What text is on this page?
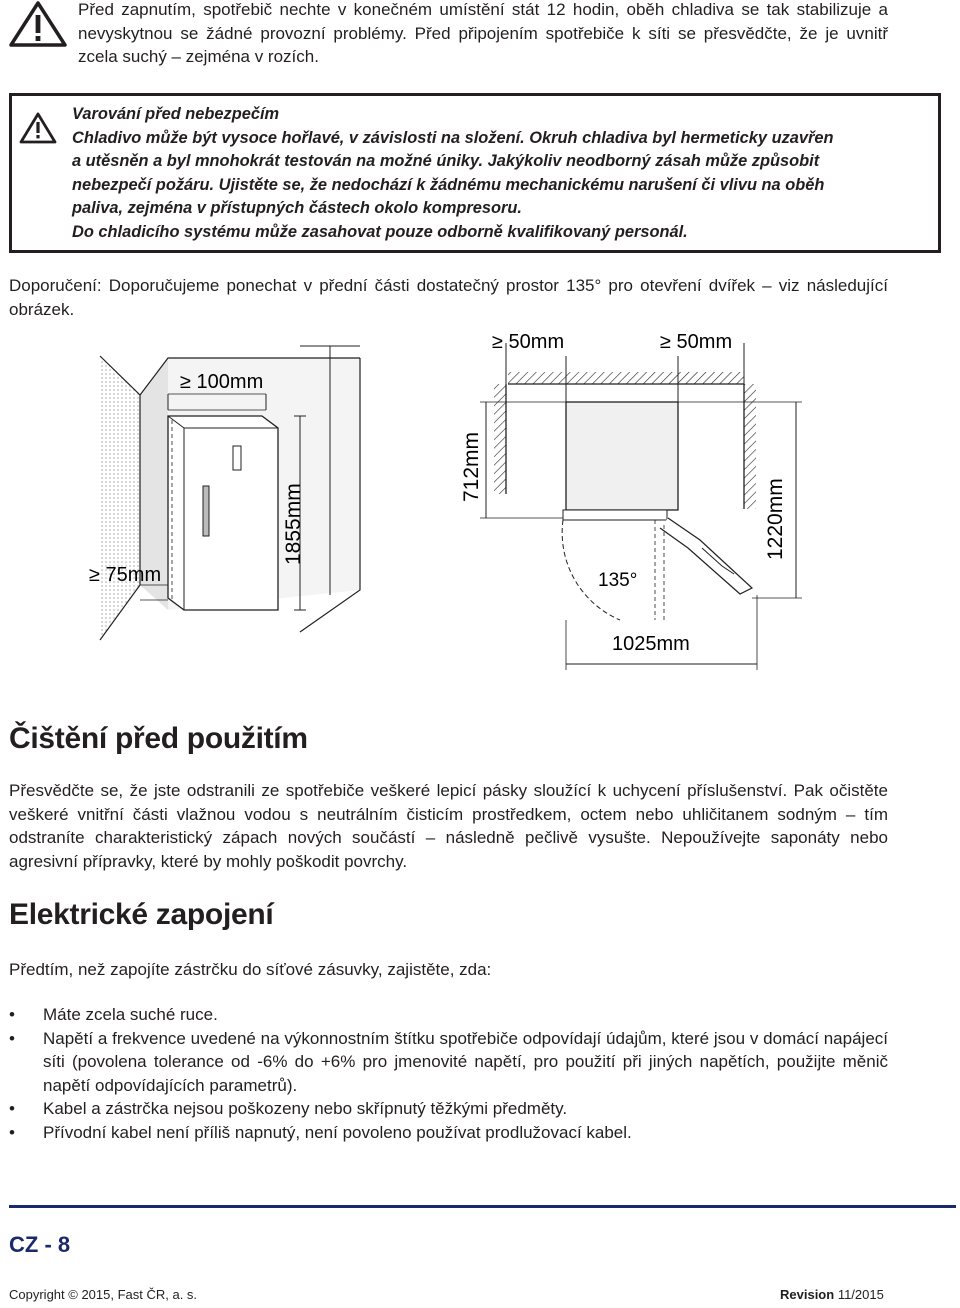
Před zapnutím, spotřebič nechte v konečném umístění stát 12 hodin, oběh chladiva se tak stabilizuje a nevyskytnou se žádné provozní problémy. Před připojením spotřebiče k síti se přesvědčte, že je uvnitř zcela suchý – zejména v rozích.

Varování před nebezpečím
Chladivo může být vysoce hořlavé, v závislosti na složení. Okruh chladiva byl hermeticky uzavřen
a utěsněn a byl mnohokrát testován na možné úniky. Jakýkoliv neodborný zásah může způsobit
nebezpečí požáru. Ujistěte se, že nedochází k žádnému mechanickému narušení či vlivu na oběh
paliva, zejména v přístupných částech okolo kompresoru.
Do chladicího systému může zasahovat pouze odborně kvalifikovaný personál.

Doporučení: Doporučujeme ponechat v přední části dostatečný prostor 135° pro otevření dvířek – viz následující obrázek.

≥ 100mm
≥ 75mm
1855mm
≥ 50mm	≥ 50mm
712mm
135°
1025mm
1220mm
Čištění před použitím

Přesvědčte se, že jste odstranili ze spotřebiče veškeré lepicí pásky sloužící k uchycení příslušenství. Pak očistěte veškeré vnitřní části vlažnou vodou s neutrálním čisticím prostředkem, octem nebo uhličitanem sodným – tím odstraníte charakteristický zápach nových součástí – následně pečlivě vysušte. Nepoužívejte saponáty nebo agresivní přípravky, které by mohly poškodit povrchy.

Elektrické zapojení

Předtím, než zapojíte zástrčku do síťové zásuvky, zajistěte, zda:

• Máte zcela suché ruce.
• Napětí a frekvence uvedené na výkonnostním štítku spotřebiče odpovídají údajům, které jsou v domácí napájecí síti (povolena tolerance od -6% do +6% pro jmenovité napětí, pro použití při jiných napětích, použijte měnič napětí odpovídajících parametrů).
• Kabel a zástrčka nejsou poškozeny nebo skřípnutý těžkými předměty.
• Přívodní kabel není příliš napnutý, není povoleno používat prodlužovací kabel.
CZ - 8
Copyright © 2015, Fast ČR, a. s.	Revision 11/2015
